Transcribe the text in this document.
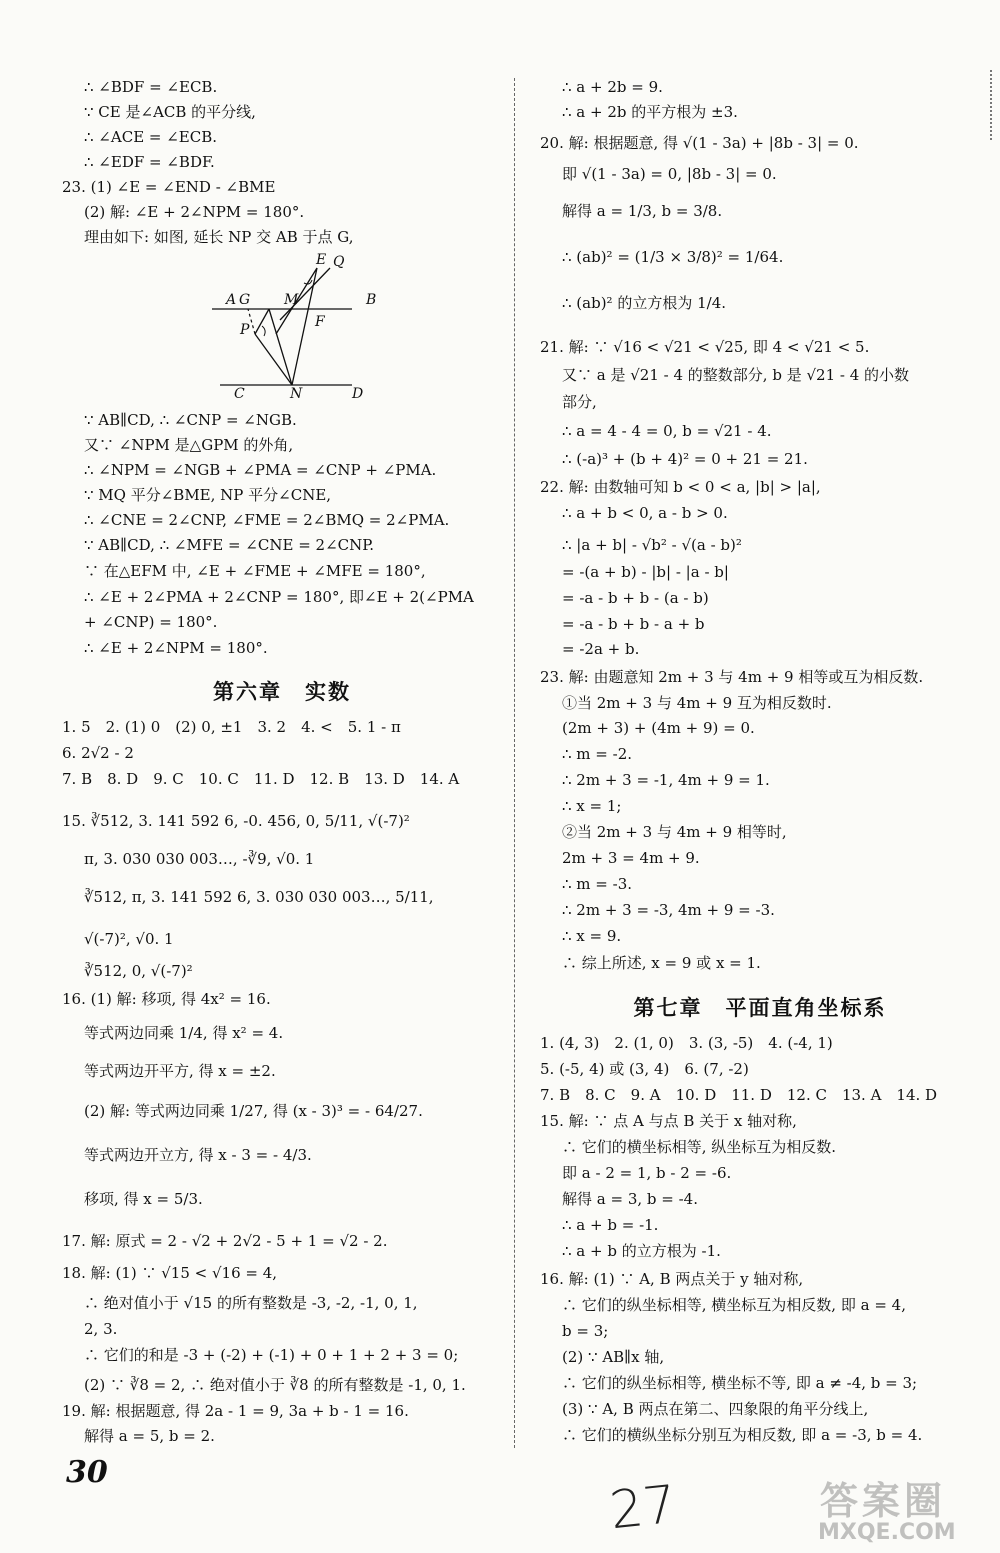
∴ ∠BDF = ∠ECB.
∵ CE 是∠ACB 的平分线,
∴ ∠ACE = ∠ECB.
∴ ∠EDF = ∠BDF.
23. (1) ∠E = ∠END - ∠BME
(2) 解: ∠E + 2∠NPM = 180°.
理由如下: 如图, 延长 NP 交 AB 于点 G,
A G M	B
E Q
P	F
C	N	D
∵ AB∥CD, ∴ ∠CNP = ∠NGB.
又∵ ∠NPM 是△GPM 的外角,
∴ ∠NPM = ∠NGB + ∠PMA = ∠CNP + ∠PMA.
∵ MQ 平分∠BME, NP 平分∠CNE,
∴ ∠CNE = 2∠CNP, ∠FME = 2∠BMQ = 2∠PMA.
∵ AB∥CD, ∴ ∠MFE = ∠CNE = 2∠CNP.
∵ 在△EFM 中, ∠E + ∠FME + ∠MFE = 180°,
∴ ∠E + 2∠PMA + 2∠CNP = 180°, 即∠E + 2(∠PMA
+ ∠CNP) = 180°.
∴ ∠E + 2∠NPM = 180°.
第六章　实数
1. 5　2. (1) 0　(2) 0, ±1　3. 2　4. <　5. 1 - π
6. 2√2 - 2
7. B　8. D　9. C　10. C　11. D　12. B　13. D　14. A
15. ∛512, 3. 141 592 6, -0. 456, 0, 5/11, √(-7)²
π, 3. 030 030 003…, -∛9, √0. 1
∛512, π, 3. 141 592 6, 3. 030 030 003…, 5/11,
√(-7)², √0. 1
∛512, 0, √(-7)²
16. (1) 解: 移项, 得 4x² = 16.
等式两边同乘 1/4, 得 x² = 4.
等式两边开平方, 得 x = ±2.
(2) 解: 等式两边同乘 1/27, 得 (x - 3)³ = - 64/27.
等式两边开立方, 得 x - 3 = - 4/3.
移项, 得 x = 5/3.
17. 解: 原式 = 2 - √2 + 2√2 - 5 + 1 = √2 - 2.
18. 解: (1) ∵ √15 < √16 = 4,
∴ 绝对值小于 √15 的所有整数是 -3, -2, -1, 0, 1,
2, 3.
∴ 它们的和是 -3 + (-2) + (-1) + 0 + 1 + 2 + 3 = 0;
(2) ∵ ∛8 = 2, ∴ 绝对值小于 ∛8 的所有整数是 -1, 0, 1.
19. 解: 根据题意, 得 2a - 1 = 9, 3a + b - 1 = 16.
解得 a = 5, b = 2.
∴ a + 2b = 9.
∴ a + 2b 的平方根为 ±3.
20. 解: 根据题意, 得 √(1 - 3a) + |8b - 3| = 0.
即 √(1 - 3a) = 0, |8b - 3| = 0.
解得 a = 1/3, b = 3/8.
∴ (ab)² = (1/3 × 3/8)² = 1/64.
∴ (ab)² 的立方根为 1/4.
21. 解: ∵ √16 < √21 < √25, 即 4 < √21 < 5.
又∵ a 是 √21 - 4 的整数部分, b 是 √21 - 4 的小数
部分,
∴ a = 4 - 4 = 0, b = √21 - 4.
∴ (-a)³ + (b + 4)² = 0 + 21 = 21.
22. 解: 由数轴可知 b < 0 < a, |b| > |a|,
∴ a + b < 0, a - b > 0.
∴ |a + b| - √b² - √(a - b)²
= -(a + b) - |b| - |a - b|
= -a - b + b - (a - b)
= -a - b + b - a + b
= -2a + b.
23. 解: 由题意知 2m + 3 与 4m + 9 相等或互为相反数.
①当 2m + 3 与 4m + 9 互为相反数时.
(2m + 3) + (4m + 9) = 0.
∴ m = -2.
∴ 2m + 3 = -1, 4m + 9 = 1.
∴ x = 1;
②当 2m + 3 与 4m + 9 相等时,
2m + 3 = 4m + 9.
∴ m = -3.
∴ 2m + 3 = -3, 4m + 9 = -3.
∴ x = 9.
∴ 综上所述, x = 9 或 x = 1.
第七章　平面直角坐标系
1. (4, 3)　2. (1, 0)　3. (3, -5)　4. (-4, 1)
5. (-5, 4) 或 (3, 4)　6. (7, -2)
7. B　8. C　9. A　10. D　11. D　12. C　13. A　14. D
15. 解: ∵ 点 A 与点 B 关于 x 轴对称,
∴ 它们的横坐标相等, 纵坐标互为相反数.
即 a - 2 = 1, b - 2 = -6.
解得 a = 3, b = -4.
∴ a + b = -1.
∴ a + b 的立方根为 -1.
16. 解: (1) ∵ A, B 两点关于 y 轴对称,
∴ 它们的纵坐标相等, 横坐标互为相反数, 即 a = 4,
b = 3;
(2) ∵ AB∥x 轴,
∴ 它们的纵坐标相等, 横坐标不等, 即 a ≠ -4, b = 3;
(3) ∵ A, B 两点在第二、四象限的角平分线上,
∴ 它们的横纵坐标分别互为相反数, 即 a = -3, b = 4.
30
27	答案圈
MXQE.COM
